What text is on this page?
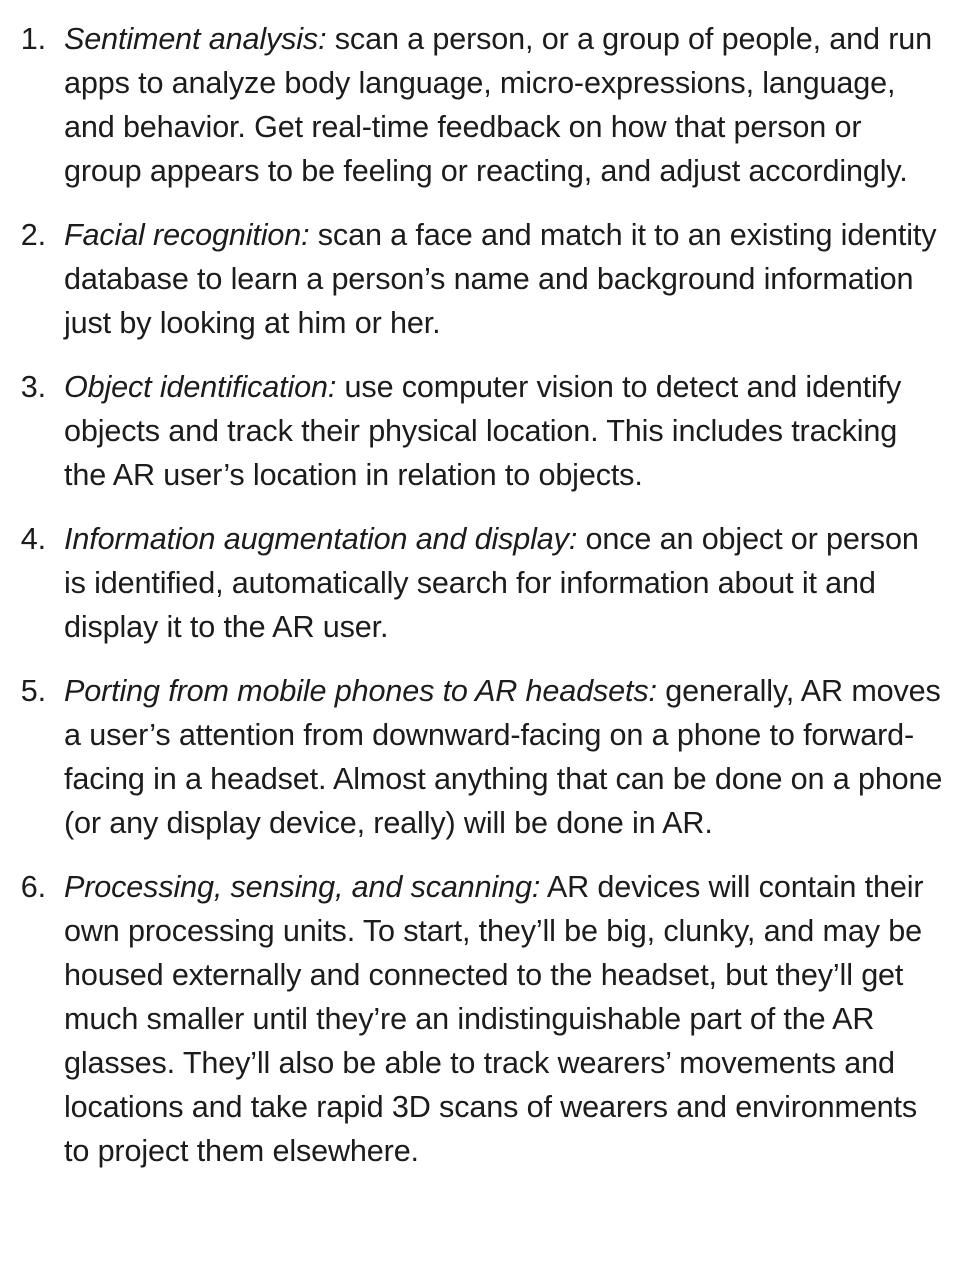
1. Sentiment analysis: scan a person, or a group of people, and run apps to analyze body language, micro-expressions, language, and behavior. Get real-time feedback on how that person or group appears to be feeling or reacting, and adjust accordingly.
2. Facial recognition: scan a face and match it to an existing identity database to learn a person’s name and background information just by looking at him or her.
3. Object identification: use computer vision to detect and identify objects and track their physical location. This includes tracking the AR user’s location in relation to objects.
4. Information augmentation and display: once an object or person is identified, automatically search for information about it and display it to the AR user.
5. Porting from mobile phones to AR headsets: generally, AR moves a user’s attention from downward-facing on a phone to forward-facing in a headset. Almost anything that can be done on a phone (or any display device, really) will be done in AR.
6. Processing, sensing, and scanning: AR devices will contain their own processing units. To start, they’ll be big, clunky, and may be housed externally and connected to the headset, but they’ll get much smaller until they’re an indistinguishable part of the AR glasses. They’ll also be able to track wearers’ movements and locations and take rapid 3D scans of wearers and environments to project them elsewhere.
